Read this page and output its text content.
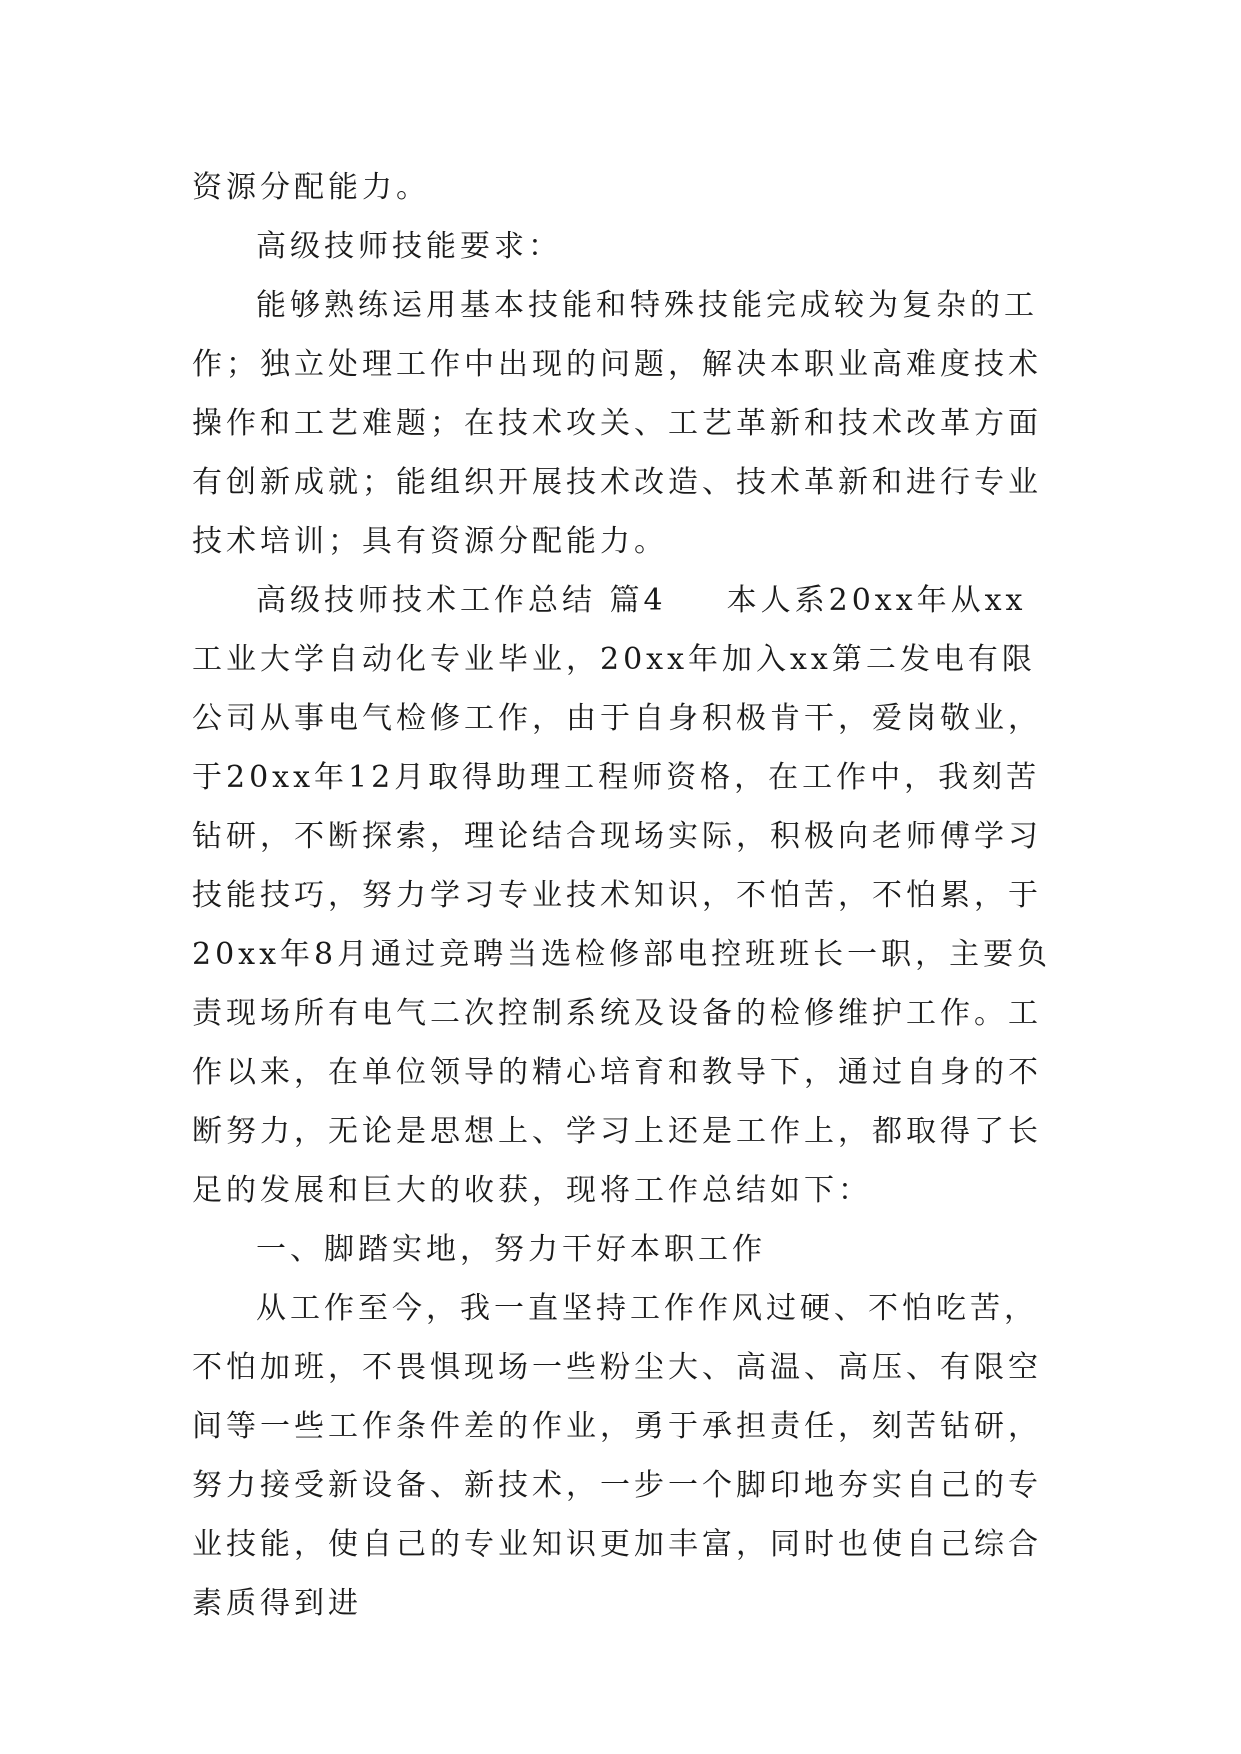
资源分配能力。

高级技师技能要求：

能够熟练运用基本技能和特殊技能完成较为复杂的工作；独立处理工作中出现的问题，解决本职业高难度技术操作和工艺难题；在技术攻关、工艺革新和技术改革方面有创新成就；能组织开展技术改造、技术革新和进行专业技术培训；具有资源分配能力。

高级技师技术工作总结 篇4 本人系20xx年从xx工业大学自动化专业毕业，20xx年加入xx第二发电有限公司从事电气检修工作，由于自身积极肯干，爱岗敬业，于20xx年12月取得助理工程师资格，在工作中，我刻苦钻研，不断探索，理论结合现场实际，积极向老师傅学习技能技巧，努力学习专业技术知识，不怕苦，不怕累，于20xx年8月通过竞聘当选检修部电控班班长一职，主要负责现场所有电气二次控制系统及设备的检修维护工作。工作以来，在单位领导的精心培育和教导下，通过自身的不断努力，无论是思想上、学习上还是工作上，都取得了长足的发展和巨大的收获，现将工作总结如下：

一、脚踏实地，努力干好本职工作

从工作至今，我一直坚持工作作风过硬、不怕吃苦，不怕加班，不畏惧现场一些粉尘大、高温、高压、有限空间等一些工作条件差的作业，勇于承担责任，刻苦钻研，努力接受新设备、新技术，一步一个脚印地夯实自己的专业技能，使自己的专业知识更加丰富，同时也使自己综合素质得到进
